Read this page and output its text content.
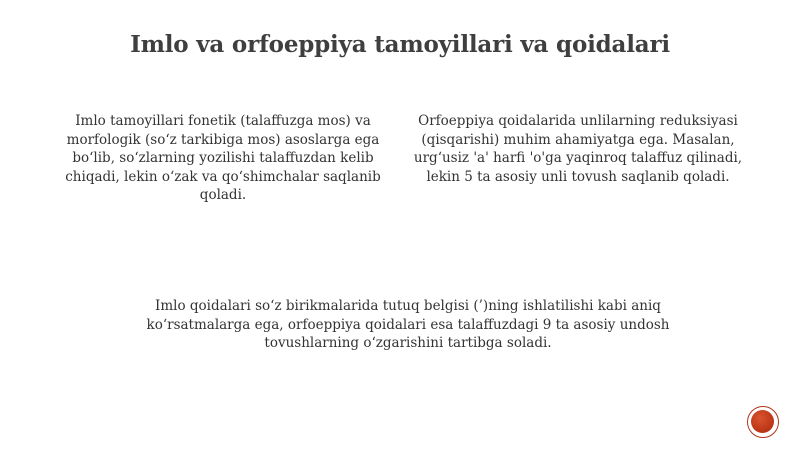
Imlo va orfoeppiya tamoyillari va qoidalari
Imlo tamoyillari fonetik (talaffuzga mos) va morfologik (so‘z tarkibiga mos) asoslarga ega bo‘lib, so‘zlarning yozilishi talaffuzdan kelib chiqadi, lekin o‘zak va qo‘shimchalar saqlanib qoladi.
Orfoeppiya qoidalarida unlilarning reduksiyasi (qisqarishi) muhim ahamiyatga ega. Masalan, urg‘usiz 'a' harfi 'o'ga yaqinroq talaffuz qilinadi, lekin 5 ta asosiy unli tovush saqlanib qoladi.
Imlo qoidalari so‘z birikmalarida tutuq belgisi (’)ning ishlatilishi kabi aniq ko‘rsatmalarga ega, orfoeppiya qoidalari esa talaffuzdagi 9 ta asosiy undosh tovushlarning o‘zgarishini tartibga soladi.
